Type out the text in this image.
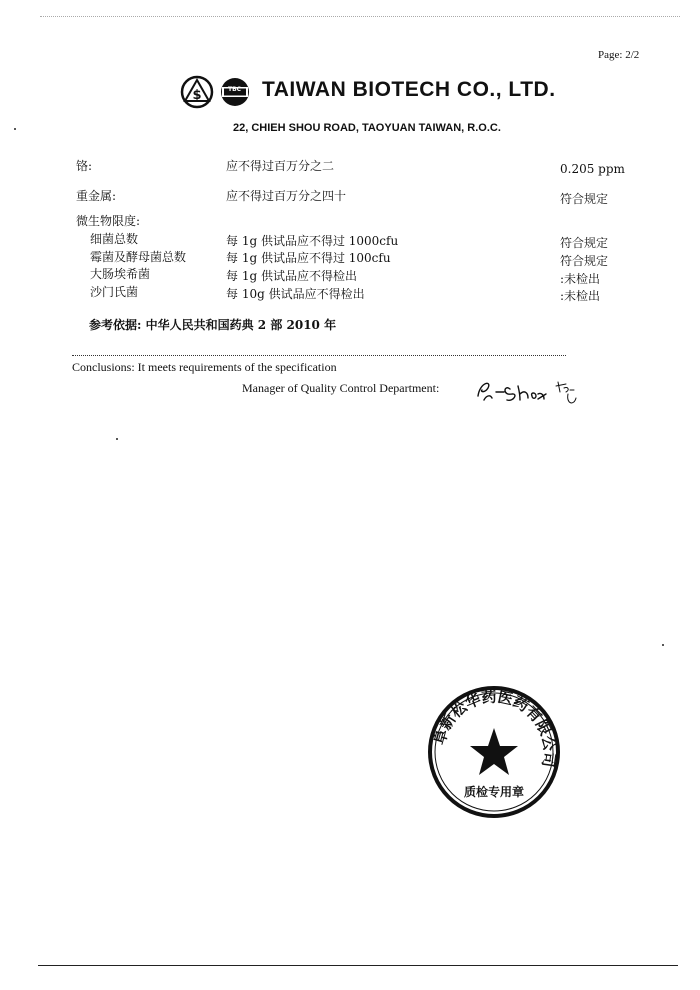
Page: 2/2
$	TBC TAIWAN BIOTECH CO., LTD.
22, CHIEH SHOU ROAD, TAOYUAN TAIWAN, R.O.C.
铬:	应不得过百万分之二	0.205 ppm
重金属:	应不得过百万分之四十	符合规定
微生物限度:
细菌总数	每 1g 供试品应不得过 1000cfu	符合规定
霉菌及酵母菌总数	每 1g 供试品应不得过 100cfu	符合规定
大肠埃希菌	每 1g 供试品应不得检出	:未检出
沙门氏菌	每 10g 供试品应不得检出	:未检出
参考依据: 中华人民共和国药典 2 部 2010 年
Conclusions: It meets requirements of the specification
Manager of Quality Control Department:
阜新松华药医药有限公司
质检专用章
